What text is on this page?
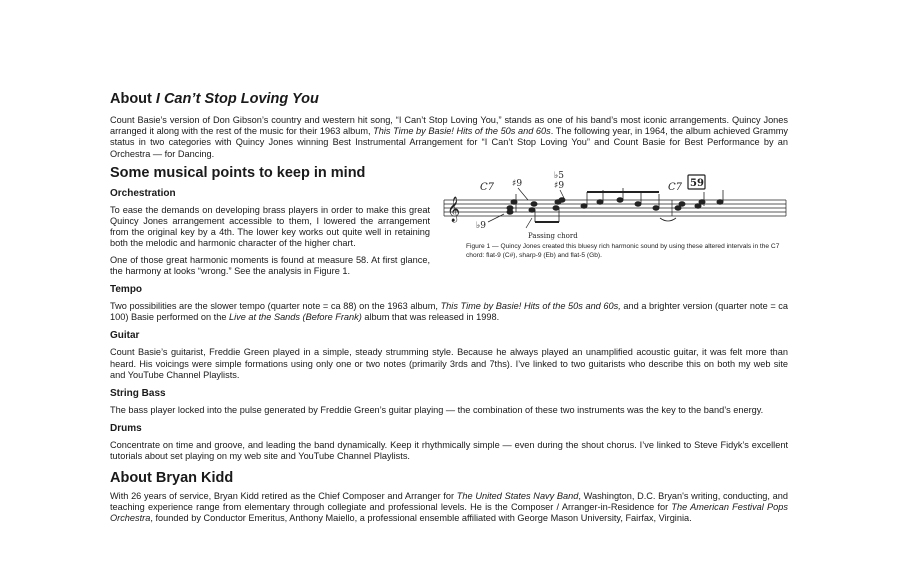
About I Can’t Stop Loving You

Count Basie’s version of Don Gibson’s country and western hit song, “I Can’t Stop Loving You,” stands as one of his band’s most iconic arrangements. Quincy Jones arranged it along with the rest of the music for their 1963 album, This Time by Basie! Hits of the 50s and 60s. The following year, in 1964, the album achieved Grammy status in two categories with Quincy Jones winning Best Instrumental Arrangement for “I Can’t Stop Loving You” and Count Basie for Best Performance by an Orchestra — for Dancing.

Some musical points to keep in mind
Orchestration

To ease the demands on developing brass players in order to make this great Quincy Jones arrangement accessible to them, I lowered the arrangement from the original key by a 4th. The lower key works out quite well in retaining both the melodic and harmonic character of the higher chart.

One of those great harmonic moments is found at measure 58. At first glance, the harmony at looks “wrong.” See the analysis in Figure 1.

𝄞
C7	C7 59
♯9
♭5
♯9
♭9
Passing chord
Figure 1 — Quincy Jones created this bluesy rich harmonic sound by using these altered intervals in the C7 chord: flat-9 (C#), sharp-9 (Eb) and flat-5 (Gb).
Tempo

Two possibilities are the slower tempo (quarter note = ca 88) on the 1963 album, This Time by Basie! Hits of the 50s and 60s, and a brighter version (quarter note = ca 100) Basie performed on the Live at the Sands (Before Frank) album that was released in 1998.

Guitar

Count Basie’s guitarist, Freddie Green played in a simple, steady strumming style. Because he always played an unamplified acoustic guitar, it was felt more than heard. His voicings were simple formations using only one or two notes (primarily 3rds and 7ths). I’ve linked to two guitarists who describe this on both my web site and YouTube Channel Playlists.

String Bass

The bass player locked into the pulse generated by Freddie Green’s guitar playing — the combination of these two instruments was the key to the band’s energy.

Drums

Concentrate on time and groove, and leading the band dynamically. Keep it rhythmically simple — even during the shout chorus. I’ve linked to Steve Fidyk’s excellent tutorials about set playing on my web site and YouTube Channel Playlists.

About Bryan Kidd

With 26 years of service, Bryan Kidd retired as the Chief Composer and Arranger for The United States Navy Band, Washington, D.C. Bryan's writing, conducting, and teaching experience range from elementary through collegiate and professional levels. He is the Composer / Arranger-in-Residence for The American Festival Pops Orchestra, founded by Conductor Emeritus, Anthony Maiello, a professional ensemble affiliated with George Mason University, Fairfax, Virginia.
